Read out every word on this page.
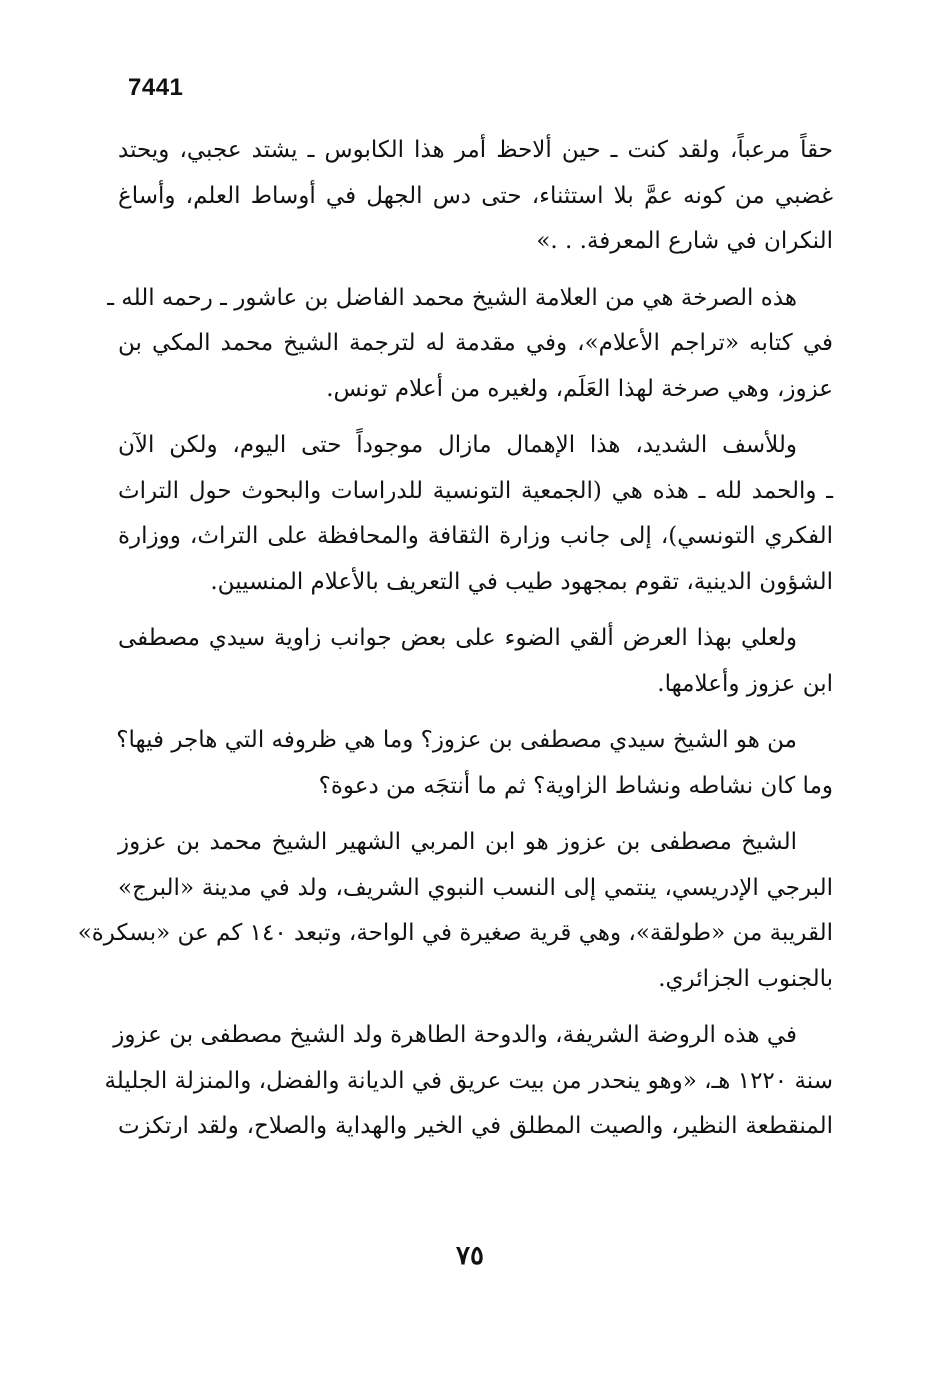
7441

حقاً مرعباً، ولقد كنت ـ حين ألاحظ أمر هذا الكابوس ـ يشتد عجبي، ويحتد
غضبي من كونه عمَّ بلا استثناء، حتى دس الجهل في أوساط العلم، وأساغ
النكران في شارع المعرفة. . .»

هذه الصرخة هي من العلامة الشيخ محمد الفاضل بن عاشور ـ رحمه الله ـ
في كتابه «تراجم الأعلام»، وفي مقدمة له لترجمة الشيخ محمد المكي بن
عزوز، وهي صرخة لهذا العَلَم، ولغيره من أعلام تونس.

وللأسف الشديد، هذا الإهمال مازال موجوداً حتى اليوم، ولكن الآن
ـ والحمد لله ـ هذه هي (الجمعية التونسية للدراسات والبحوث حول التراث
الفكري التونسي)، إلى جانب وزارة الثقافة والمحافظة على التراث، ووزارة
الشؤون الدينية، تقوم بمجهود طيب في التعريف بالأعلام المنسيين.

ولعلي بهذا العرض ألقي الضوء على بعض جوانب زاوية سيدي مصطفى
ابن عزوز وأعلامها.

من هو الشيخ سيدي مصطفى بن عزوز؟ وما هي ظروفه التي هاجر فيها؟
وما كان نشاطه ونشاط الزاوية؟ ثم ما أنتجَه من دعوة؟

الشيخ مصطفى بن عزوز هو ابن المربي الشهير الشيخ محمد بن عزوز
البرجي الإدريسي، ينتمي إلى النسب النبوي الشريف، ولد في مدينة «البرج»
القريبة من «طولقة»، وهي قرية صغيرة في الواحة، وتبعد ١٤٠ كم عن «بسكرة»
بالجنوب الجزائري.

في هذه الروضة الشريفة، والدوحة الطاهرة ولد الشيخ مصطفى بن عزوز
سنة ١٢٢٠ هـ، «وهو ينحدر من بيت عريق في الديانة والفضل، والمنزلة الجليلة
المنقطعة النظير، والصيت المطلق في الخير والهداية والصلاح، ولقد ارتكزت

٧٥
